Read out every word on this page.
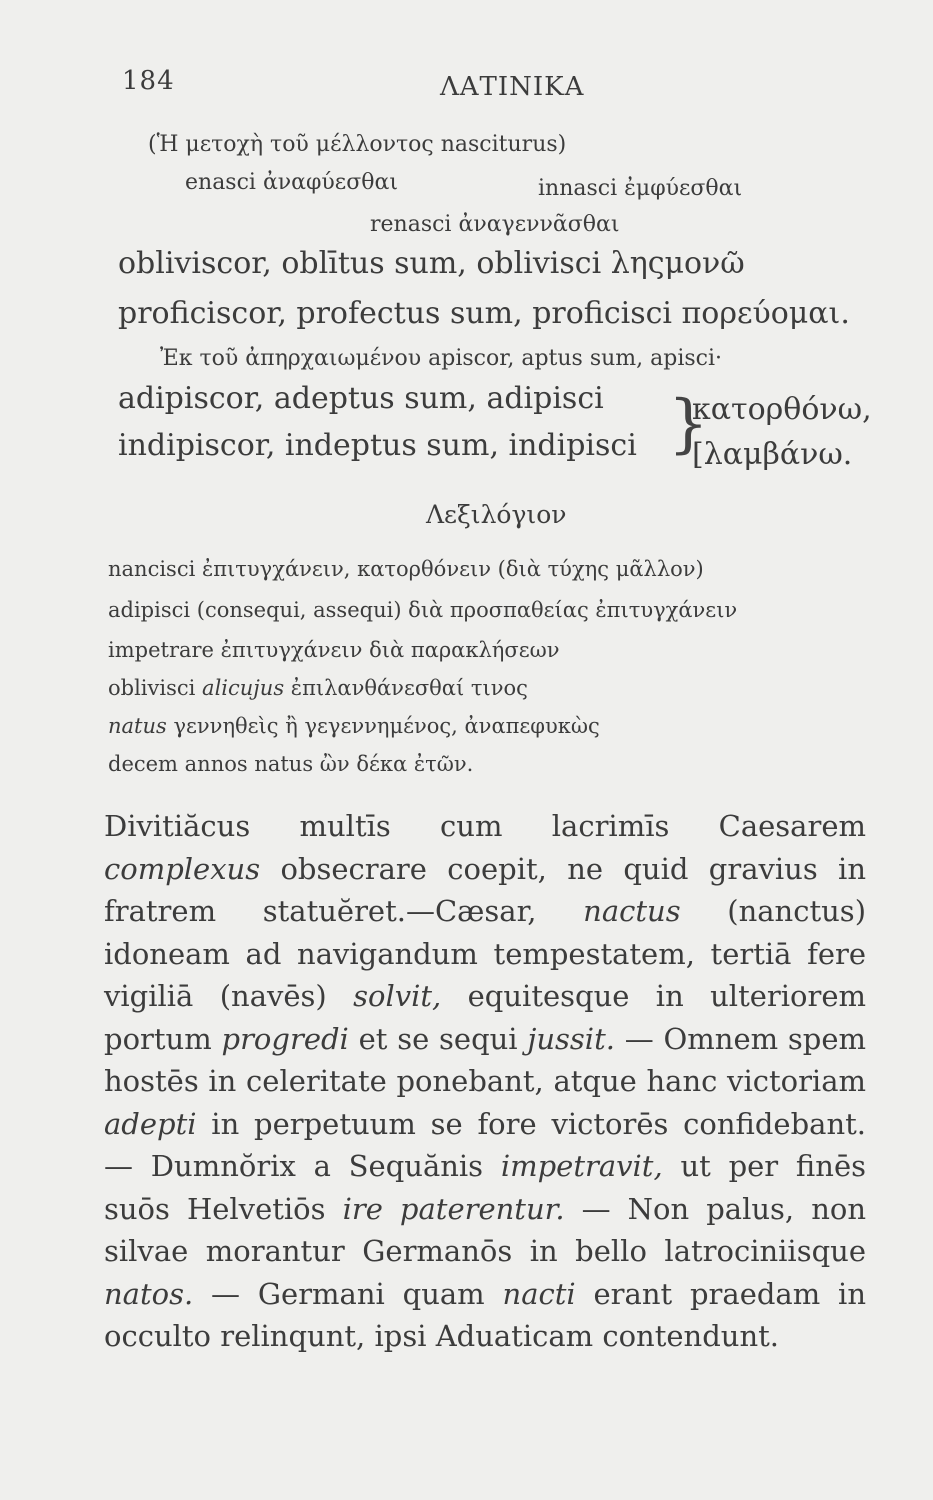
184	ΛΑΤΙΝΙΚΑ
(Ἡ μετοχὴ τοῦ μέλλοντος nasciturus)
enasci ἀναφύεσθαι	innasci ἐμφύεσθαι
renasci ἀναγεννᾶσθαι
obliviscor, oblītus sum, oblivisci ληςμονῶ
proficiscor, profectus sum, proficisci πορεύομαι.
Ἐκ τοῦ ἀπηρχαιωμένου apiscor, aptus sum, apisci·
adipiscor, adeptus sum, adipisci
indipiscor, indeptus sum, indipisci }
κατορθόνω,
[λαμβάνω.
Λεξιλόγιον
nancisci ἐπιτυγχάνειν, κατορθόνειν (διὰ τύχης μᾶλλον)
adipisci (consequi, assequi) διὰ προσπαθείας ἐπιτυγχάνειν
impetrare ἐπιτυγχάνειν διὰ παρακλήσεων
oblivisci alicujus ἐπιλανθάνεσθαί τινος
natus γεννηθεὶς ἢ γεγεννημένος, ἀναπεφυκὼς
decem annos natus ὢν δέκα ἐτῶν.

Divitiăcus multīs cum lacrimīs Caesarem complexus obsecrare coepit, ne quid gravius in fratrem statuĕret.—Cæsar, nactus (nanctus) idoneam ad navigandum tempestatem, tertiā fere vigiliā (navēs) solvit, equitesque in ulteriorem portum progredi et se sequi jussit. — Omnem spem hostēs in celeritate ponebant, atque hanc victoriam adepti in perpetuum se fore victorēs confidebant. — Dumnŏrix a Sequănis impetravit, ut per finēs suōs Helvetiōs ire paterentur. — Non palus, non silvae morantur Germanōs in bello latrociniisque natos. — Germani quam nacti erant praedam in occulto relinqunt, ipsi Aduaticam contendunt.
